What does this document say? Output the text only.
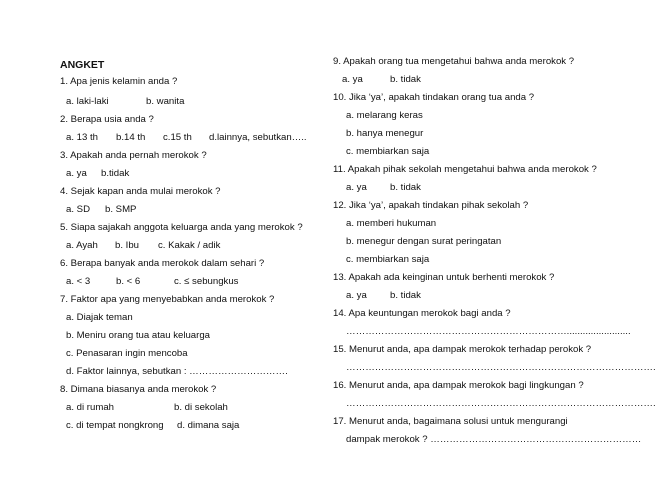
ANGKET
1. Apa jenis kelamin anda ?
a. laki-laki	b. wanita
2. Berapa usia anda ?
a. 13 th b.14 th c.15 th d.lainnya, sebutkan…..
3. Apakah anda pernah merokok ?
a. ya b.tidak
4. Sejak kapan anda mulai merokok ?
a. SD b. SMP
5. Siapa sajakah anggota keluarga anda yang merokok ?
a. Ayah b. Ibu c. Kakak / adik
6. Berapa banyak anda merokok dalam sehari ?
a. < 3	b. < 6	c. ≤ sebungkus
7. Faktor apa yang menyebabkan anda merokok ?
a. Diajak teman
b. Meniru orang tua atau keluarga
c. Penasaran ingin mencoba
d. Faktor lainnya, sebutkan : ………………………….
8. Dimana biasanya anda merokok ?
a. di rumah	b. di sekolah
c. di tempat nongkrong d. dimana saja
9. Apakah orang tua mengetahui bahwa anda merokok ?
a. ya	b. tidak
10. Jika ‘ya’, apakah tindakan orang tua anda ?
a. melarang keras
b. hanya menegur
c. membiarkan saja
11. Apakah pihak sekolah mengetahui bahwa anda merokok ?
a. ya b. tidak
12. Jika ‘ya’, apakah tindakan pihak sekolah ?
a. memberi hukuman
b. menegur dengan surat peringatan
c. membiarkan saja
13. Apakah ada keinginan untuk berhenti merokok ?
a. ya b. tidak
14. Apa keuntungan merokok bagi anda ?
……………………………………………………………........................
15. Menurut anda, apa dampak merokok terhadap perokok ?
…………………………………………………………………………………….
16. Menurut anda, apa dampak merokok bagi lingkungan ?
…………………………………………………………………………………….
17. Menurut anda, bagaimana solusi untuk mengurangi
dampak merokok ? …………………………………………………………
